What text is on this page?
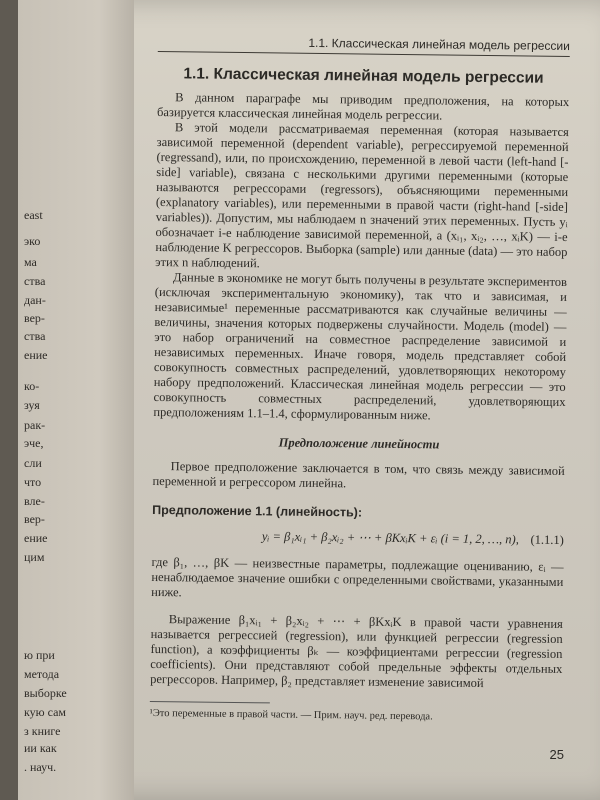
east
эко
ма
ства
дан-
вер-
ства
ение
ко-
зуя
рак-
эче,
сли
что
вле-
вер-
ение
цим
ю при
метода
выборке
кую сам
з книге
ии как
. науч.
1.1. Классическая линейная модель регрессии
1.1. Классическая линейная модель регрессии

В данном параграфе мы приводим предположения, на которых базируется классическая линейная модель регрессии.

В этой модели рассматриваемая переменная (которая называется зависимой переменной (dependent variable), регрессируемой переменной (regressand), или, по происхождению, переменной в левой части (left-hand [-side] variable), связана с несколькими другими переменными (которые называются регрессорами (regressors), объясняющими переменными (explanatory variables), или переменными в правой части (right-hand [-side] variables)). Допустим, мы наблюдаем n значений этих переменных. Пусть yᵢ обозначает i-е наблюдение зависимой переменной, а (xᵢ₁, xᵢ₂, …, xᵢK) — i-е наблюдение K регрессоров. Выборка (sample) или данные (data) — это набор этих n наблюдений.

Данные в экономике не могут быть получены в результате экспериментов (исключая экспериментальную экономику), так что и зависимая, и независимые¹ переменные рассматриваются как случайные величины — величины, значения которых подвержены случайности. Модель (model) — это набор ограничений на совместное распределение зависимой и независимых переменных. Иначе говоря, модель представляет собой совокупность совместных распределений, удовлетворяющих некоторому набору предположений. Классическая линейная модель регрессии — это совокупность совместных распределений, удовлетворяющих предположениям 1.1–1.4, сформулированным ниже.

Предположение линейности

Первое предположение заключается в том, что связь между зависимой переменной и регрессором линейна.

Предположение 1.1 (линейность):
yᵢ = β₁xᵢ₁ + β₂xᵢ₂ + ⋯ + βKxᵢK + εᵢ (i = 1, 2, …, n), (1.1.1)

где β₁, …, βK — неизвестные параметры, подлежащие оцениванию, εᵢ — ненаблюдаемое значение ошибки с определенными свойствами, указанными ниже.

Выражение β₁xᵢ₁ + β₂xᵢ₂ + ⋯ + βKxᵢK в правой части уравнения называется регрессией (regression), или функцией регрессии (regression function), а коэффициенты βₖ — коэффициентами регрессии (regression coefficients). Они представляют собой предельные эффекты отдельных регрессоров. Например, β₂ представляет изменение зависимой

¹Это переменные в правой части. — Прим. науч. ред. перевода.
25
